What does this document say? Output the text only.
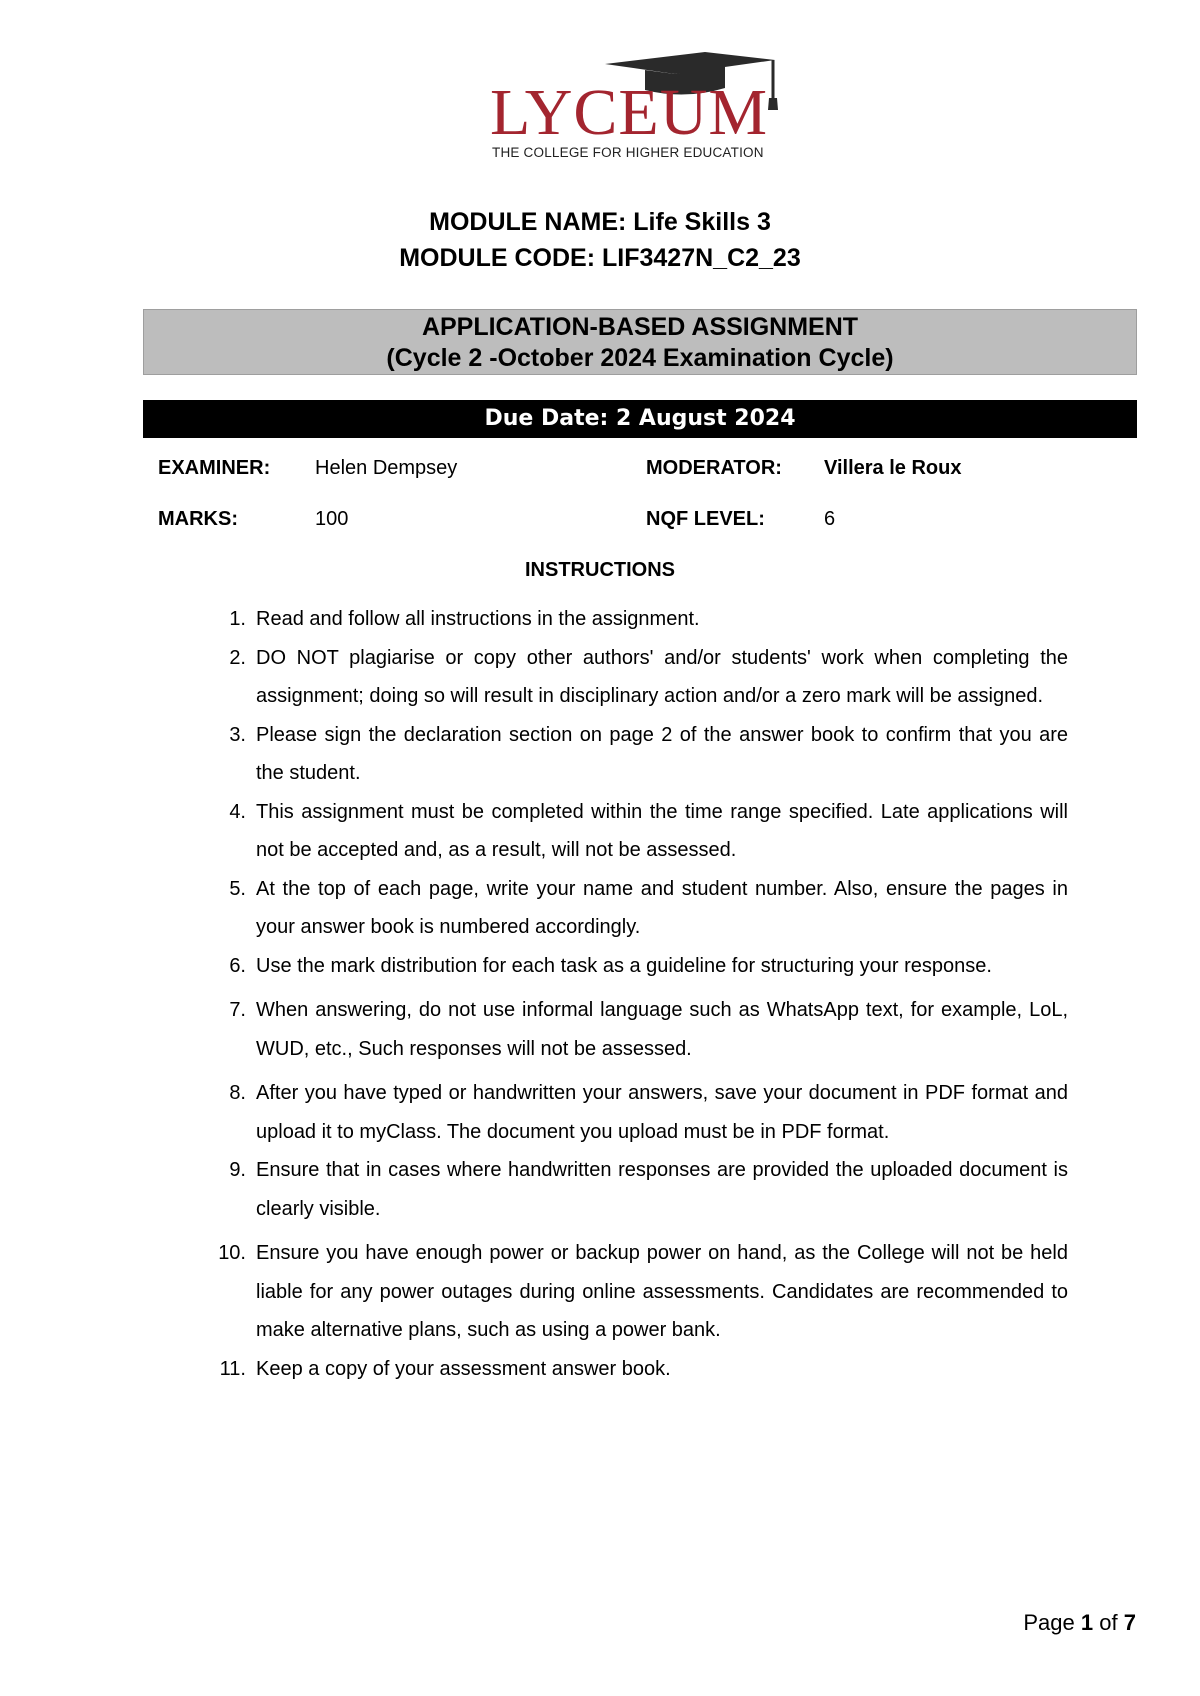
LYCEUM
THE COLLEGE FOR HIGHER EDUCATION
MODULE NAME: Life Skills 3
MODULE CODE: LIF3427N_C2_23
APPLICATION-BASED ASSIGNMENT
(Cycle 2 -October 2024 Examination Cycle)
Due Date: 2 August 2024
EXAMINER: Helen Dempsey	MODERATOR: Villera le Roux
MARKS:	100	NQF LEVEL:	6
INSTRUCTIONS
1. Read and follow all instructions in the assignment.
2. DO NOT plagiarise or copy other authors' and/or students' work when completing the assignment; doing so will result in disciplinary action and/or a zero mark will be assigned.
3. Please sign the declaration section on page 2 of the answer book to confirm that you are the student.
4. This assignment must be completed within the time range specified. Late applications will not be accepted and, as a result, will not be assessed.
5. At the top of each page, write your name and student number. Also, ensure the pages in your answer book is numbered accordingly.
6. Use the mark distribution for each task as a guideline for structuring your response.
7. When answering, do not use informal language such as WhatsApp text, for example, LoL, WUD, etc., Such responses will not be assessed.
8. After you have typed or handwritten your answers, save your document in PDF format and upload it to myClass. The document you upload must be in PDF format.
9. Ensure that in cases where handwritten responses are provided the uploaded document is clearly visible.
10. Ensure you have enough power or backup power on hand, as the College will not be held liable for any power outages during online assessments. Candidates are recommended to make alternative plans, such as using a power bank.
11. Keep a copy of your assessment answer book.
Page 1 of 7
